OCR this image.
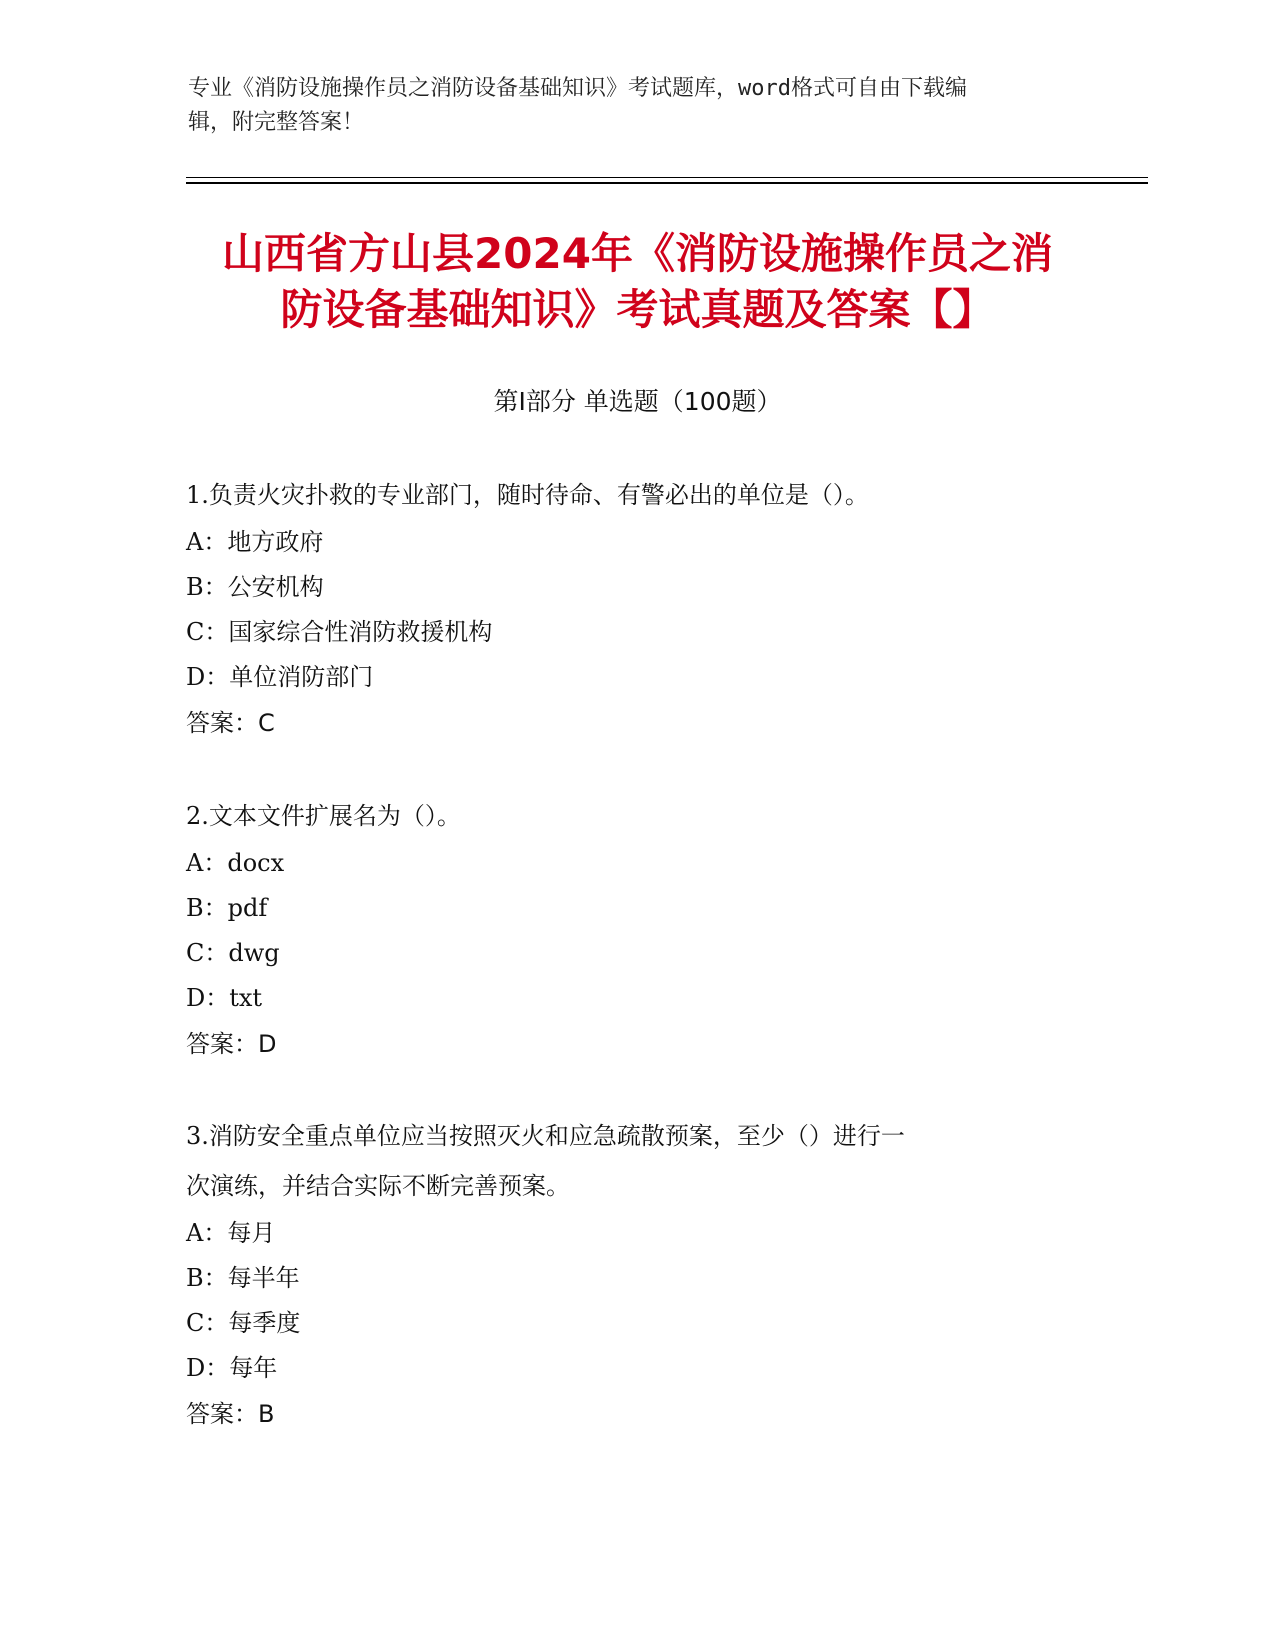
专业《消防设施操作员之消防设备基础知识》考试题库，word格式可自由下载编
辑，附完整答案！
山西省方山县2024年《消防设施操作员之消
防设备基础知识》考试真题及答案【】
第Ⅰ部分 单选题（100题）

1.负责火灾扑救的专业部门，随时待命、有警必出的单位是（）。

A：地方政府

B：公安机构

C：国家综合性消防救援机构

D：单位消防部门

答案：C

2.文本文件扩展名为（）。

A：docx

B：pdf

C：dwg

D：txt

答案：D

3.消防安全重点单位应当按照灭火和应急疏散预案，至少（）进行一

次演练，并结合实际不断完善预案。

A：每月

B：每半年

C：每季度

D：每年

答案：B
